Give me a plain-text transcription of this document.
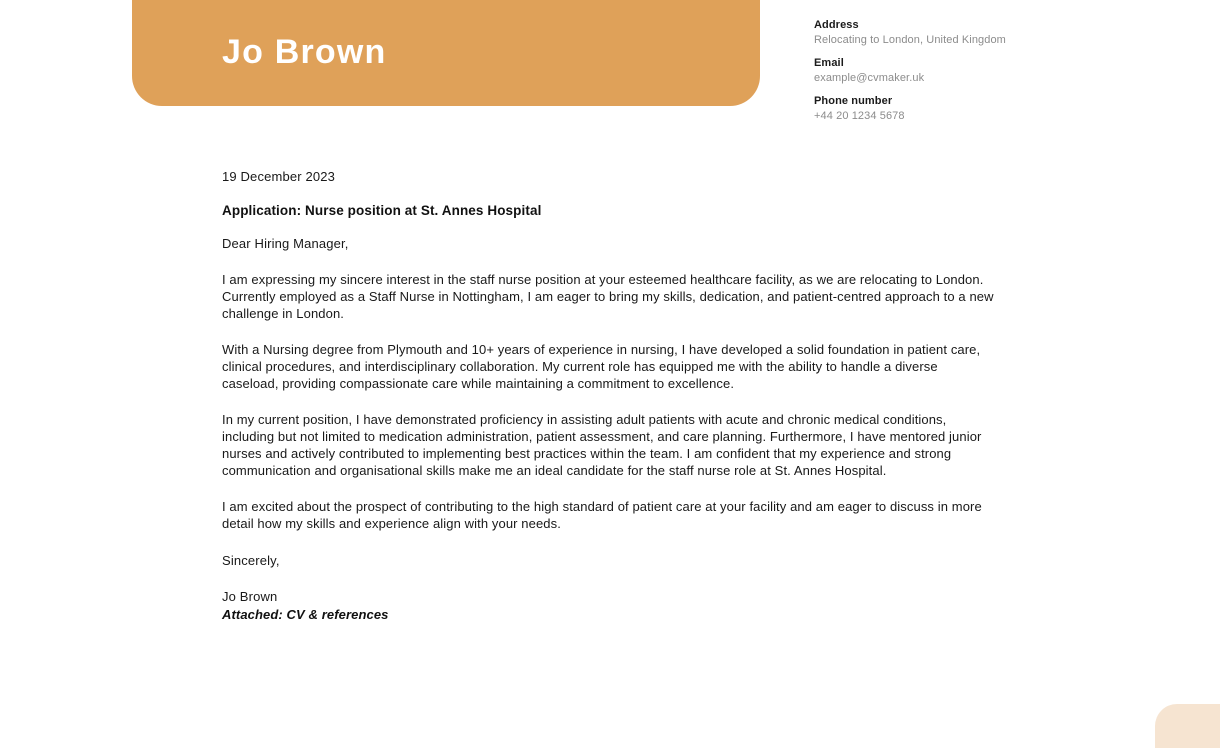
Jo Brown
Address
Relocating to London, United Kingdom
Email
example@cvmaker.uk
Phone number
+44 20 1234 5678
19 December 2023
Application: Nurse position at St. Annes Hospital
Dear Hiring Manager,

I am expressing my sincere interest in the staff nurse position at your esteemed healthcare facility, as we are relocating to London. Currently employed as a Staff Nurse in Nottingham, I am eager to bring my skills, dedication, and patient-centred approach to a new challenge in London.

With a Nursing degree from Plymouth and 10+ years of experience in nursing, I have developed a solid foundation in patient care, clinical procedures, and interdisciplinary collaboration. My current role has equipped me with the ability to handle a diverse caseload, providing compassionate care while maintaining a commitment to excellence.

In my current position, I have demonstrated proficiency in assisting adult patients with acute and chronic medical conditions, including but not limited to medication administration, patient assessment, and care planning. Furthermore, I have mentored junior nurses and actively contributed to implementing best practices within the team. I am confident that my experience and strong communication and organisational skills make me an ideal candidate for the staff nurse role at St. Annes Hospital.

I am excited about the prospect of contributing to the high standard of patient care at your facility and am eager to discuss in more detail how my skills and experience align with your needs.

Sincerely,
Jo Brown
Attached: CV & references
